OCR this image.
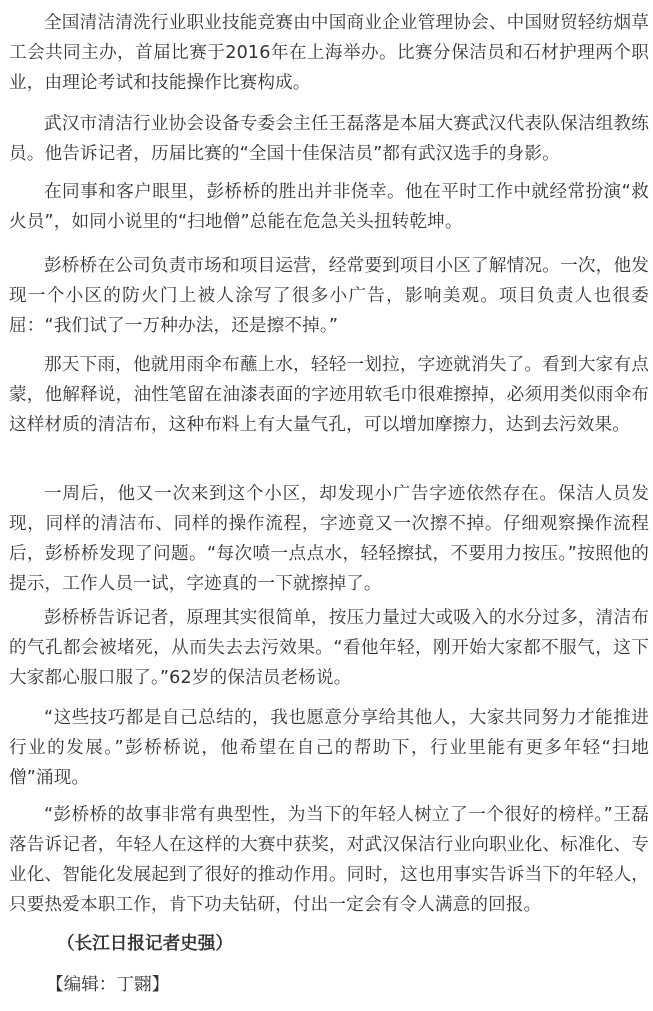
全国清洁清洗行业职业技能竞赛由中国商业企业管理协会、中国财贸轻纺烟草工会共同主办，首届比赛于2016年在上海举办。比赛分保洁员和石材护理两个职业，由理论考试和技能操作比赛构成。

武汉市清洁行业协会设备专委会主任王磊落是本届大赛武汉代表队保洁组教练员。他告诉记者，历届比赛的“全国十佳保洁员”都有武汉选手的身影。

在同事和客户眼里，彭桥桥的胜出并非侥幸。他在平时工作中就经常扮演“救火员”，如同小说里的“扫地僧”总能在危急关头扭转乾坤。

彭桥桥在公司负责市场和项目运营，经常要到项目小区了解情况。一次，他发现一个小区的防火门上被人涂写了很多小广告，影响美观。项目负责人也很委屈：“我们试了一万种办法，还是擦不掉。”

那天下雨，他就用雨伞布蘸上水，轻轻一划拉，字迹就消失了。看到大家有点蒙，他解释说，油性笔留在油漆表面的字迹用软毛巾很难擦掉，必须用类似雨伞布这样材质的清洁布，这种布料上有大量气孔，可以增加摩擦力，达到去污效果。

一周后，他又一次来到这个小区，却发现小广告字迹依然存在。保洁人员发现，同样的清洁布、同样的操作流程，字迹竟又一次擦不掉。仔细观察操作流程后，彭桥桥发现了问题。“每次喷一点点水，轻轻擦拭，不要用力按压。”按照他的提示，工作人员一试，字迹真的一下就擦掉了。

彭桥桥告诉记者，原理其实很简单，按压力量过大或吸入的水分过多，清洁布的气孔都会被堵死，从而失去去污效果。“看他年轻，刚开始大家都不服气，这下大家都心服口服了。”62岁的保洁员老杨说。

“这些技巧都是自己总结的，我也愿意分享给其他人，大家共同努力才能推进行业的发展。”彭桥桥说，他希望在自己的帮助下，行业里能有更多年轻“扫地僧”涌现。

“彭桥桥的故事非常有典型性，为当下的年轻人树立了一个很好的榜样。”王磊落告诉记者，年轻人在这样的大赛中获奖，对武汉保洁行业向职业化、标准化、专业化、智能化发展起到了很好的推动作用。同时，这也用事实告诉当下的年轻人，只要热爱本职工作，肯下功夫钻研，付出一定会有令人满意的回报。

（长江日报记者史强）

【编辑：丁翾】
